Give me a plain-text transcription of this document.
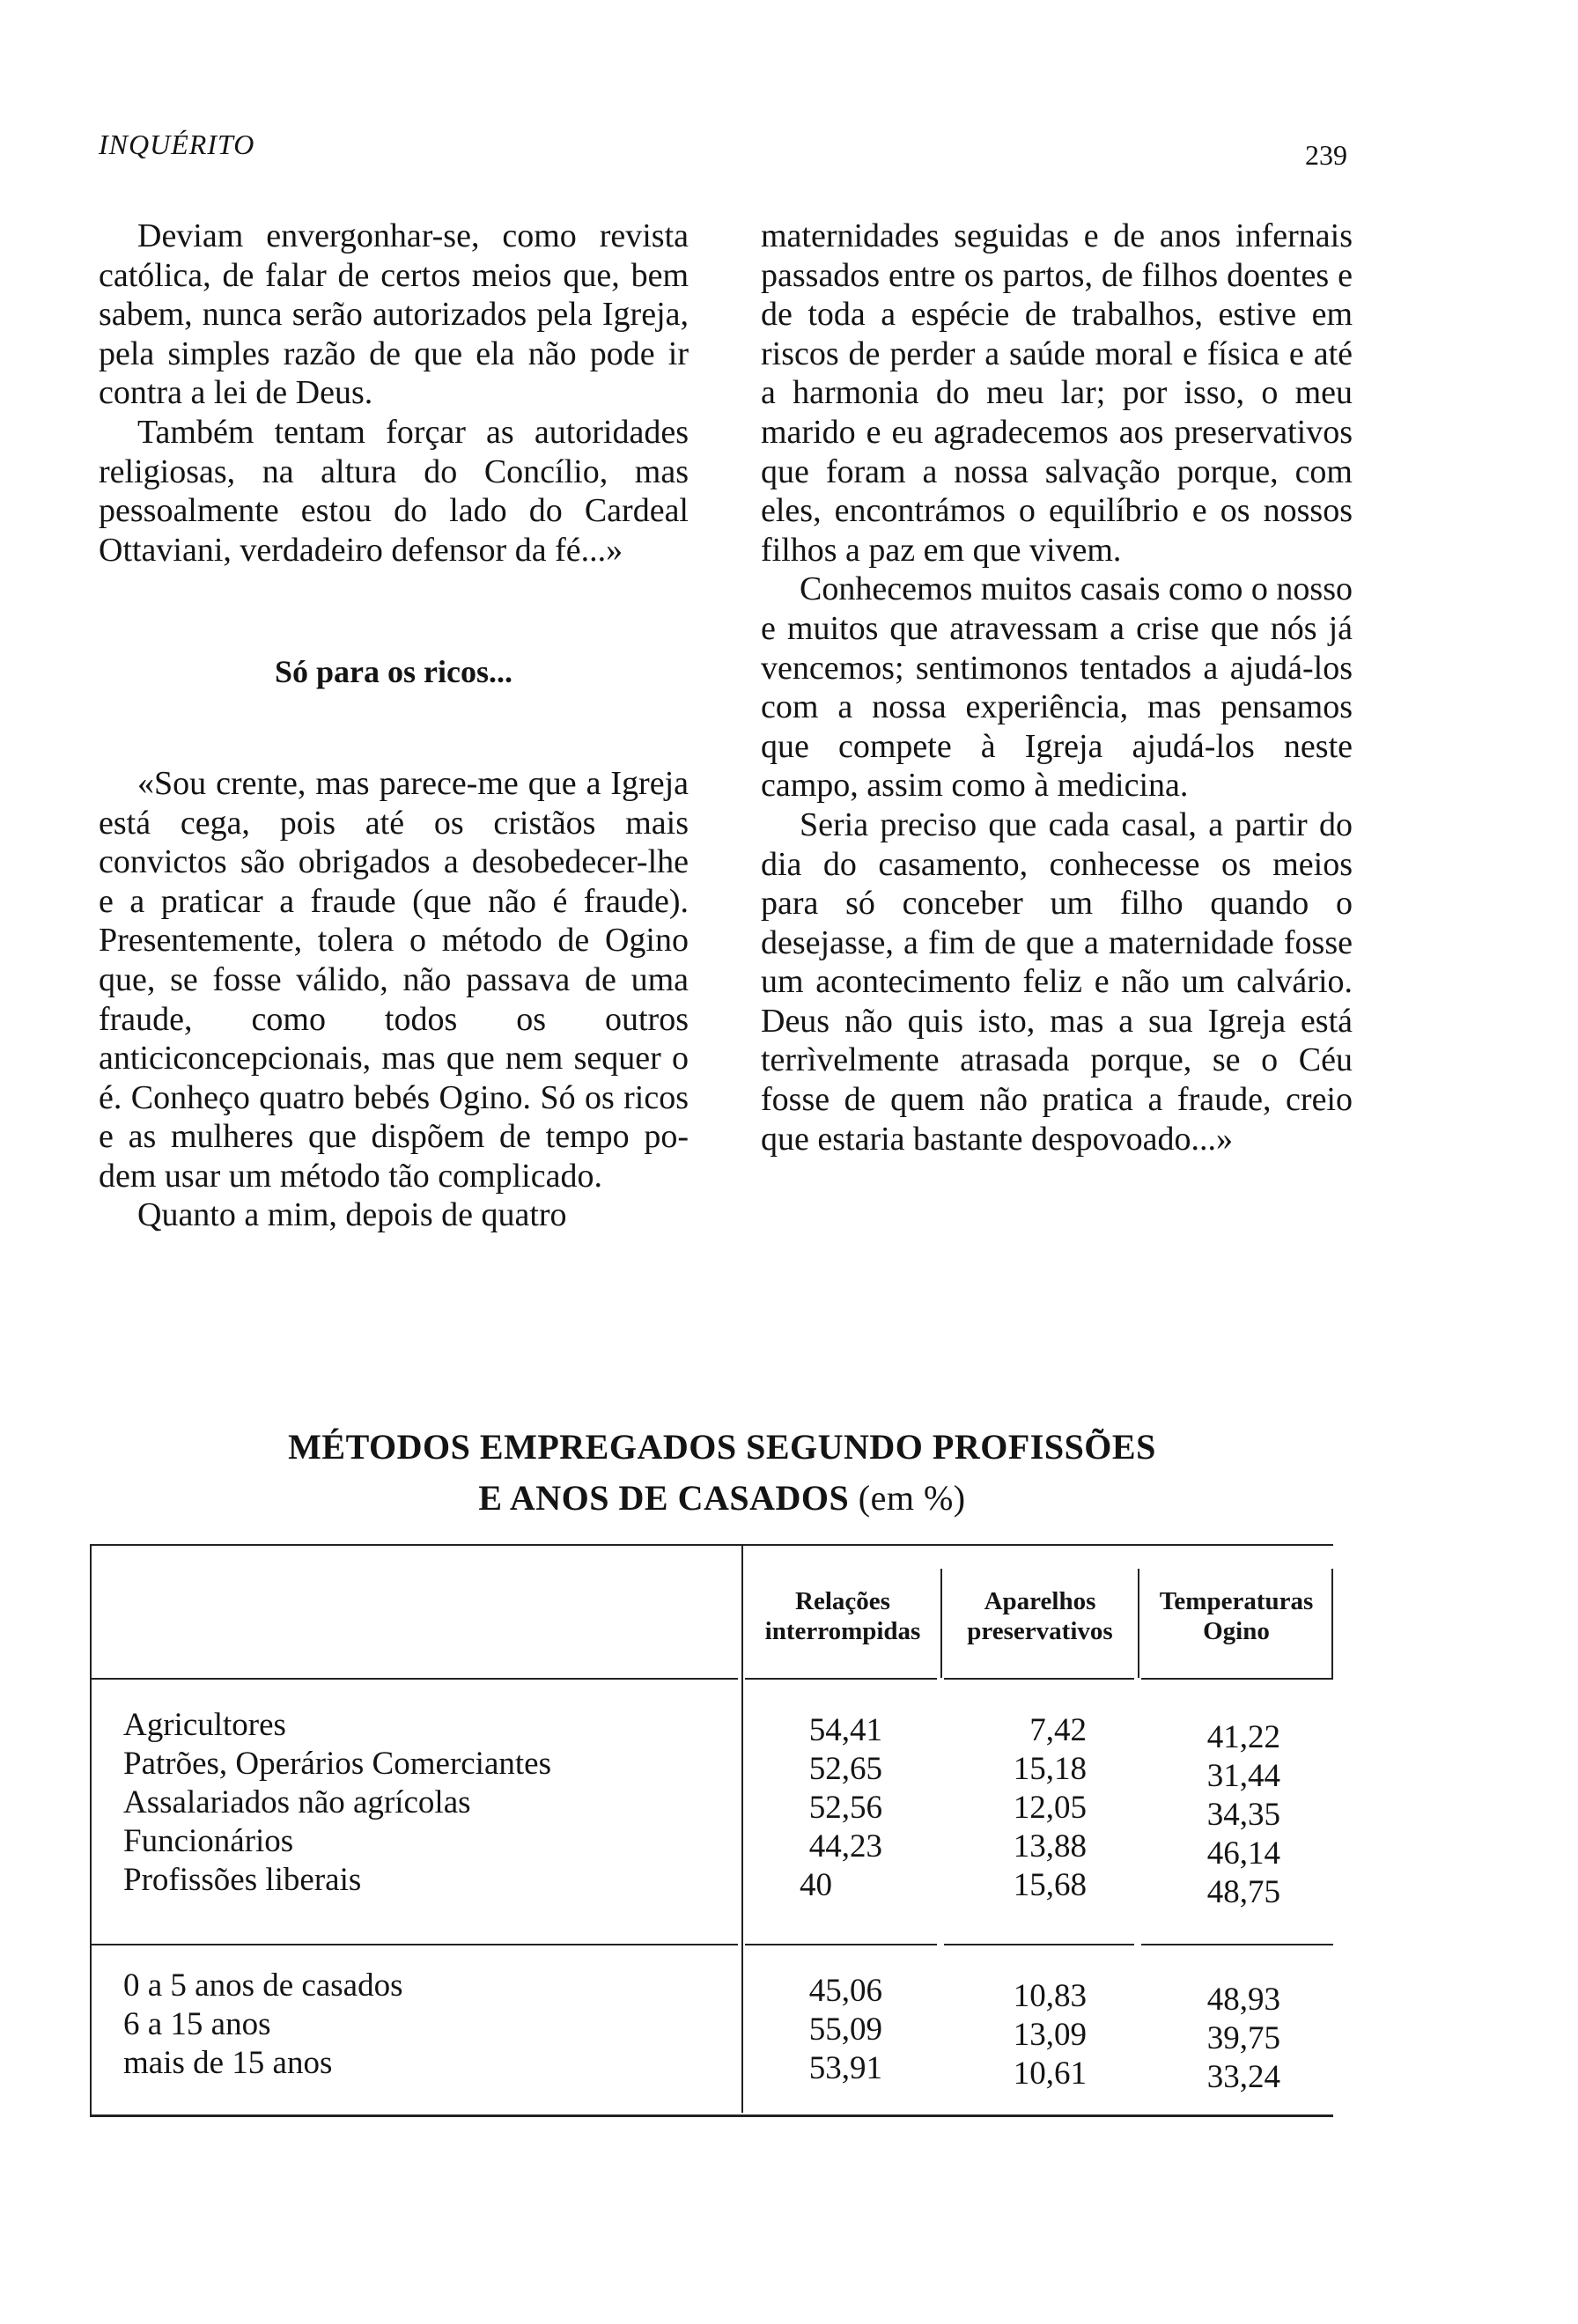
INQUÉRITO	239

Deviam envergonhar-se, como revista católica, de falar de certos meios que, bem sabem, nunca serão autorizados pela Igreja, pela simples razão de que ela não pode ir contra a lei de Deus.

Também tentam forçar as autoridades religiosas, na altura do Concílio, mas pessoalmente estou do lado do Cardeal Ottaviani, verdadeiro defensor da fé...»

Só para os ricos...

«Sou crente, mas parece-me que a Igreja está cega, pois até os cristãos mais convictos são obrigados a desobedecer-lhe e a praticar a fraude (que não é fraude). Presentemente, tolera o método de Ogino que, se fosse válido, não passava de uma fraude, como todos os outros anticiconcepcionais, mas que nem sequer o é. Conheço quatro bebés Ogino. Só os ricos e as mulheres que dispõem de tempo podem usar um método tão complicado.

Quanto a mim, depois de quatro

maternidades seguidas e de anos infernais passados entre os partos, de filhos doentes e de toda a espécie de trabalhos, estive em riscos de perder a saúde moral e física e até a harmonia do meu lar; por isso, o meu marido e eu agradecemos aos preservativos que foram a nossa salvação porque, com eles, encontrámos o equilíbrio e os nossos filhos a paz em que vivem.

Conhecemos muitos casais como o nosso e muitos que atravessam a crise que nós já vencemos; sentimonos tentados a ajudá-los com a nossa experiência, mas pensamos que compete à Igreja ajudá-los neste campo, assim como à medicina.

Seria preciso que cada casal, a partir do dia do casamento, conhecesse os meios para só conceber um filho quando o desejasse, a fim de que a maternidade fosse um acontecimento feliz e não um calvário. Deus não quis isto, mas a sua Igreja está terrìvelmente atrasada porque, se o Céu fosse de quem não pratica a fraude, creio que estaria bastante despovoado...»

MÉTODOS EMPREGADOS SEGUNDO PROFISSÕES
E ANOS DE CASADOS (em %)
Relações
interrompidas
Aparelhos
preservativos
Temperaturas
Ogino
Agricultores
Patrões, Operários Comerciantes
Assalariados não agrícolas
Funcionários
Profissões liberais
54,41
52,65
52,56
44,23
40
7,42
15,18
12,05
13,88
15,68
41,22
31,44
34,35
46,14
48,75
0 a 5 anos de casados
6 a 15 anos
mais de 15 anos
45,06
55,09
53,91
10,83
13,09
10,61
48,93
39,75
33,24
